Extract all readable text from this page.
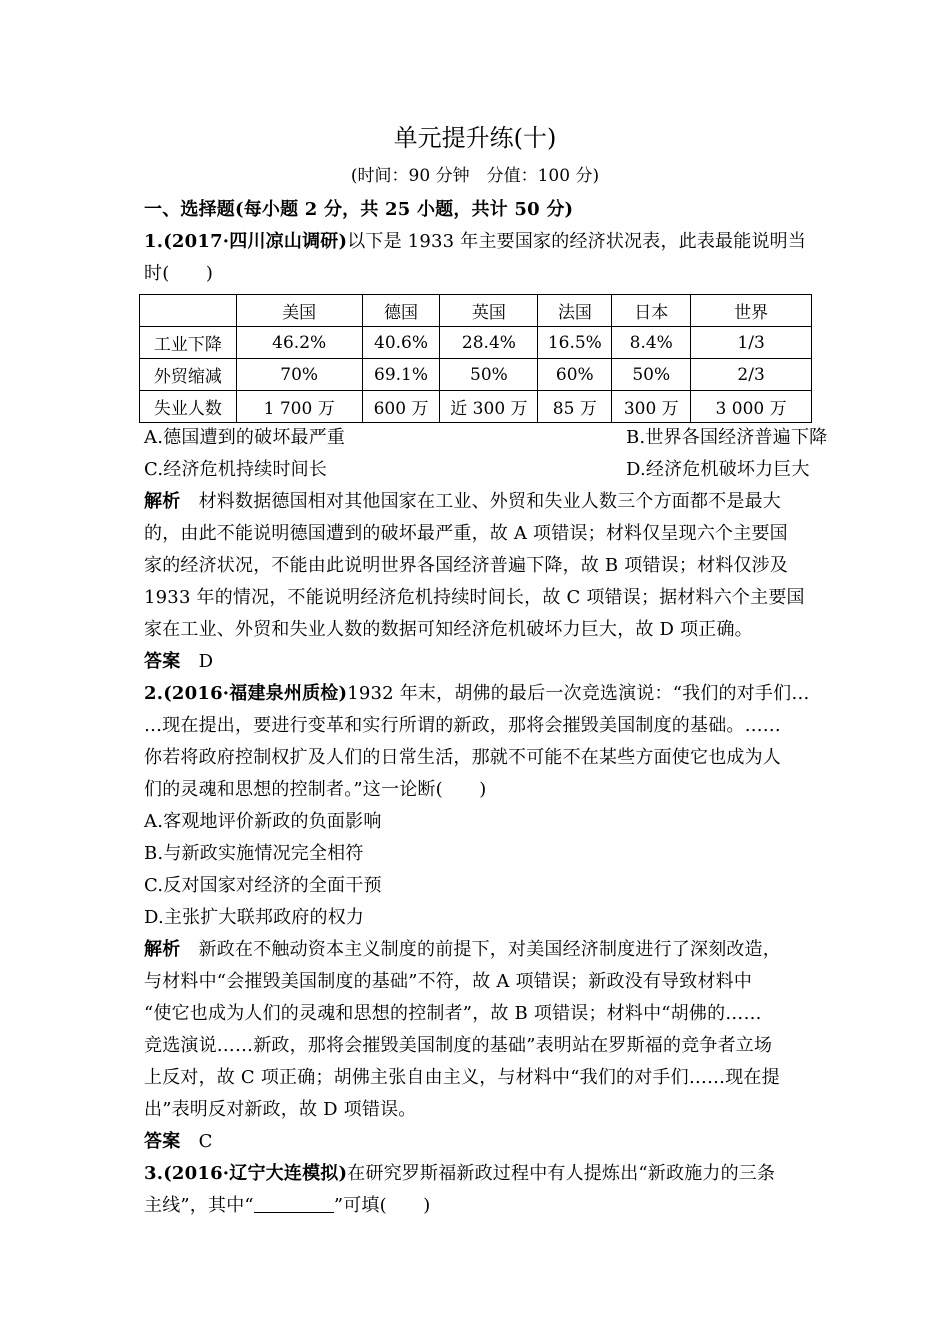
单元提升练(十)
(时间：90 分钟　分值：100 分)
一、选择题(每小题 2 分，共 25 小题，共计 50 分)
1.(2017·四川凉山调研)以下是 1933 年主要国家的经济状况表，此表最能说明当
时(　　)
	美国	德国	英国	法国	日本	世界
工业下降	46.2%	40.6%	28.4%	16.5%	8.4%	1/3
外贸缩减	70%	69.1%	50%	60%	50%	2/3
失业人数	1 700 万	600 万	近 300 万	85 万	300 万	3 000 万
A.德国遭到的破坏最严重	B.世界各国经济普遍下降
C.经济危机持续时间长	D.经济危机破坏力巨大
解析　材料数据德国相对其他国家在工业、外贸和失业人数三个方面都不是最大
的，由此不能说明德国遭到的破坏最严重，故 A 项错误；材料仅呈现六个主要国
家的经济状况，不能由此说明世界各国经济普遍下降，故 B 项错误；材料仅涉及
1933 年的情况，不能说明经济危机持续时间长，故 C 项错误；据材料六个主要国
家在工业、外贸和失业人数的数据可知经济危机破坏力巨大，故 D 项正确。
答案　D
2.(2016·福建泉州质检)1932 年末，胡佛的最后一次竞选演说：“我们的对手们…
…现在提出，要进行变革和实行所谓的新政，那将会摧毁美国制度的基础。……
你若将政府控制权扩及人们的日常生活，那就不可能不在某些方面使它也成为人
们的灵魂和思想的控制者。”这一论断(　　)
A.客观地评价新政的负面影响
B.与新政实施情况完全相符
C.反对国家对经济的全面干预
D.主张扩大联邦政府的权力
解析　新政在不触动资本主义制度的前提下，对美国经济制度进行了深刻改造，
与材料中“会摧毁美国制度的基础”不符，故 A 项错误；新政没有导致材料中
“使它也成为人们的灵魂和思想的控制者”，故 B 项错误；材料中“胡佛的……
竞选演说……新政，那将会摧毁美国制度的基础”表明站在罗斯福的竞争者立场
上反对，故 C 项正确；胡佛主张自由主义，与材料中“我们的对手们……现在提
出”表明反对新政，故 D 项错误。
答案　C
3.(2016·辽宁大连模拟)在研究罗斯福新政过程中有人提炼出“新政施力的三条
主线”，其中“	”可填(　　)
